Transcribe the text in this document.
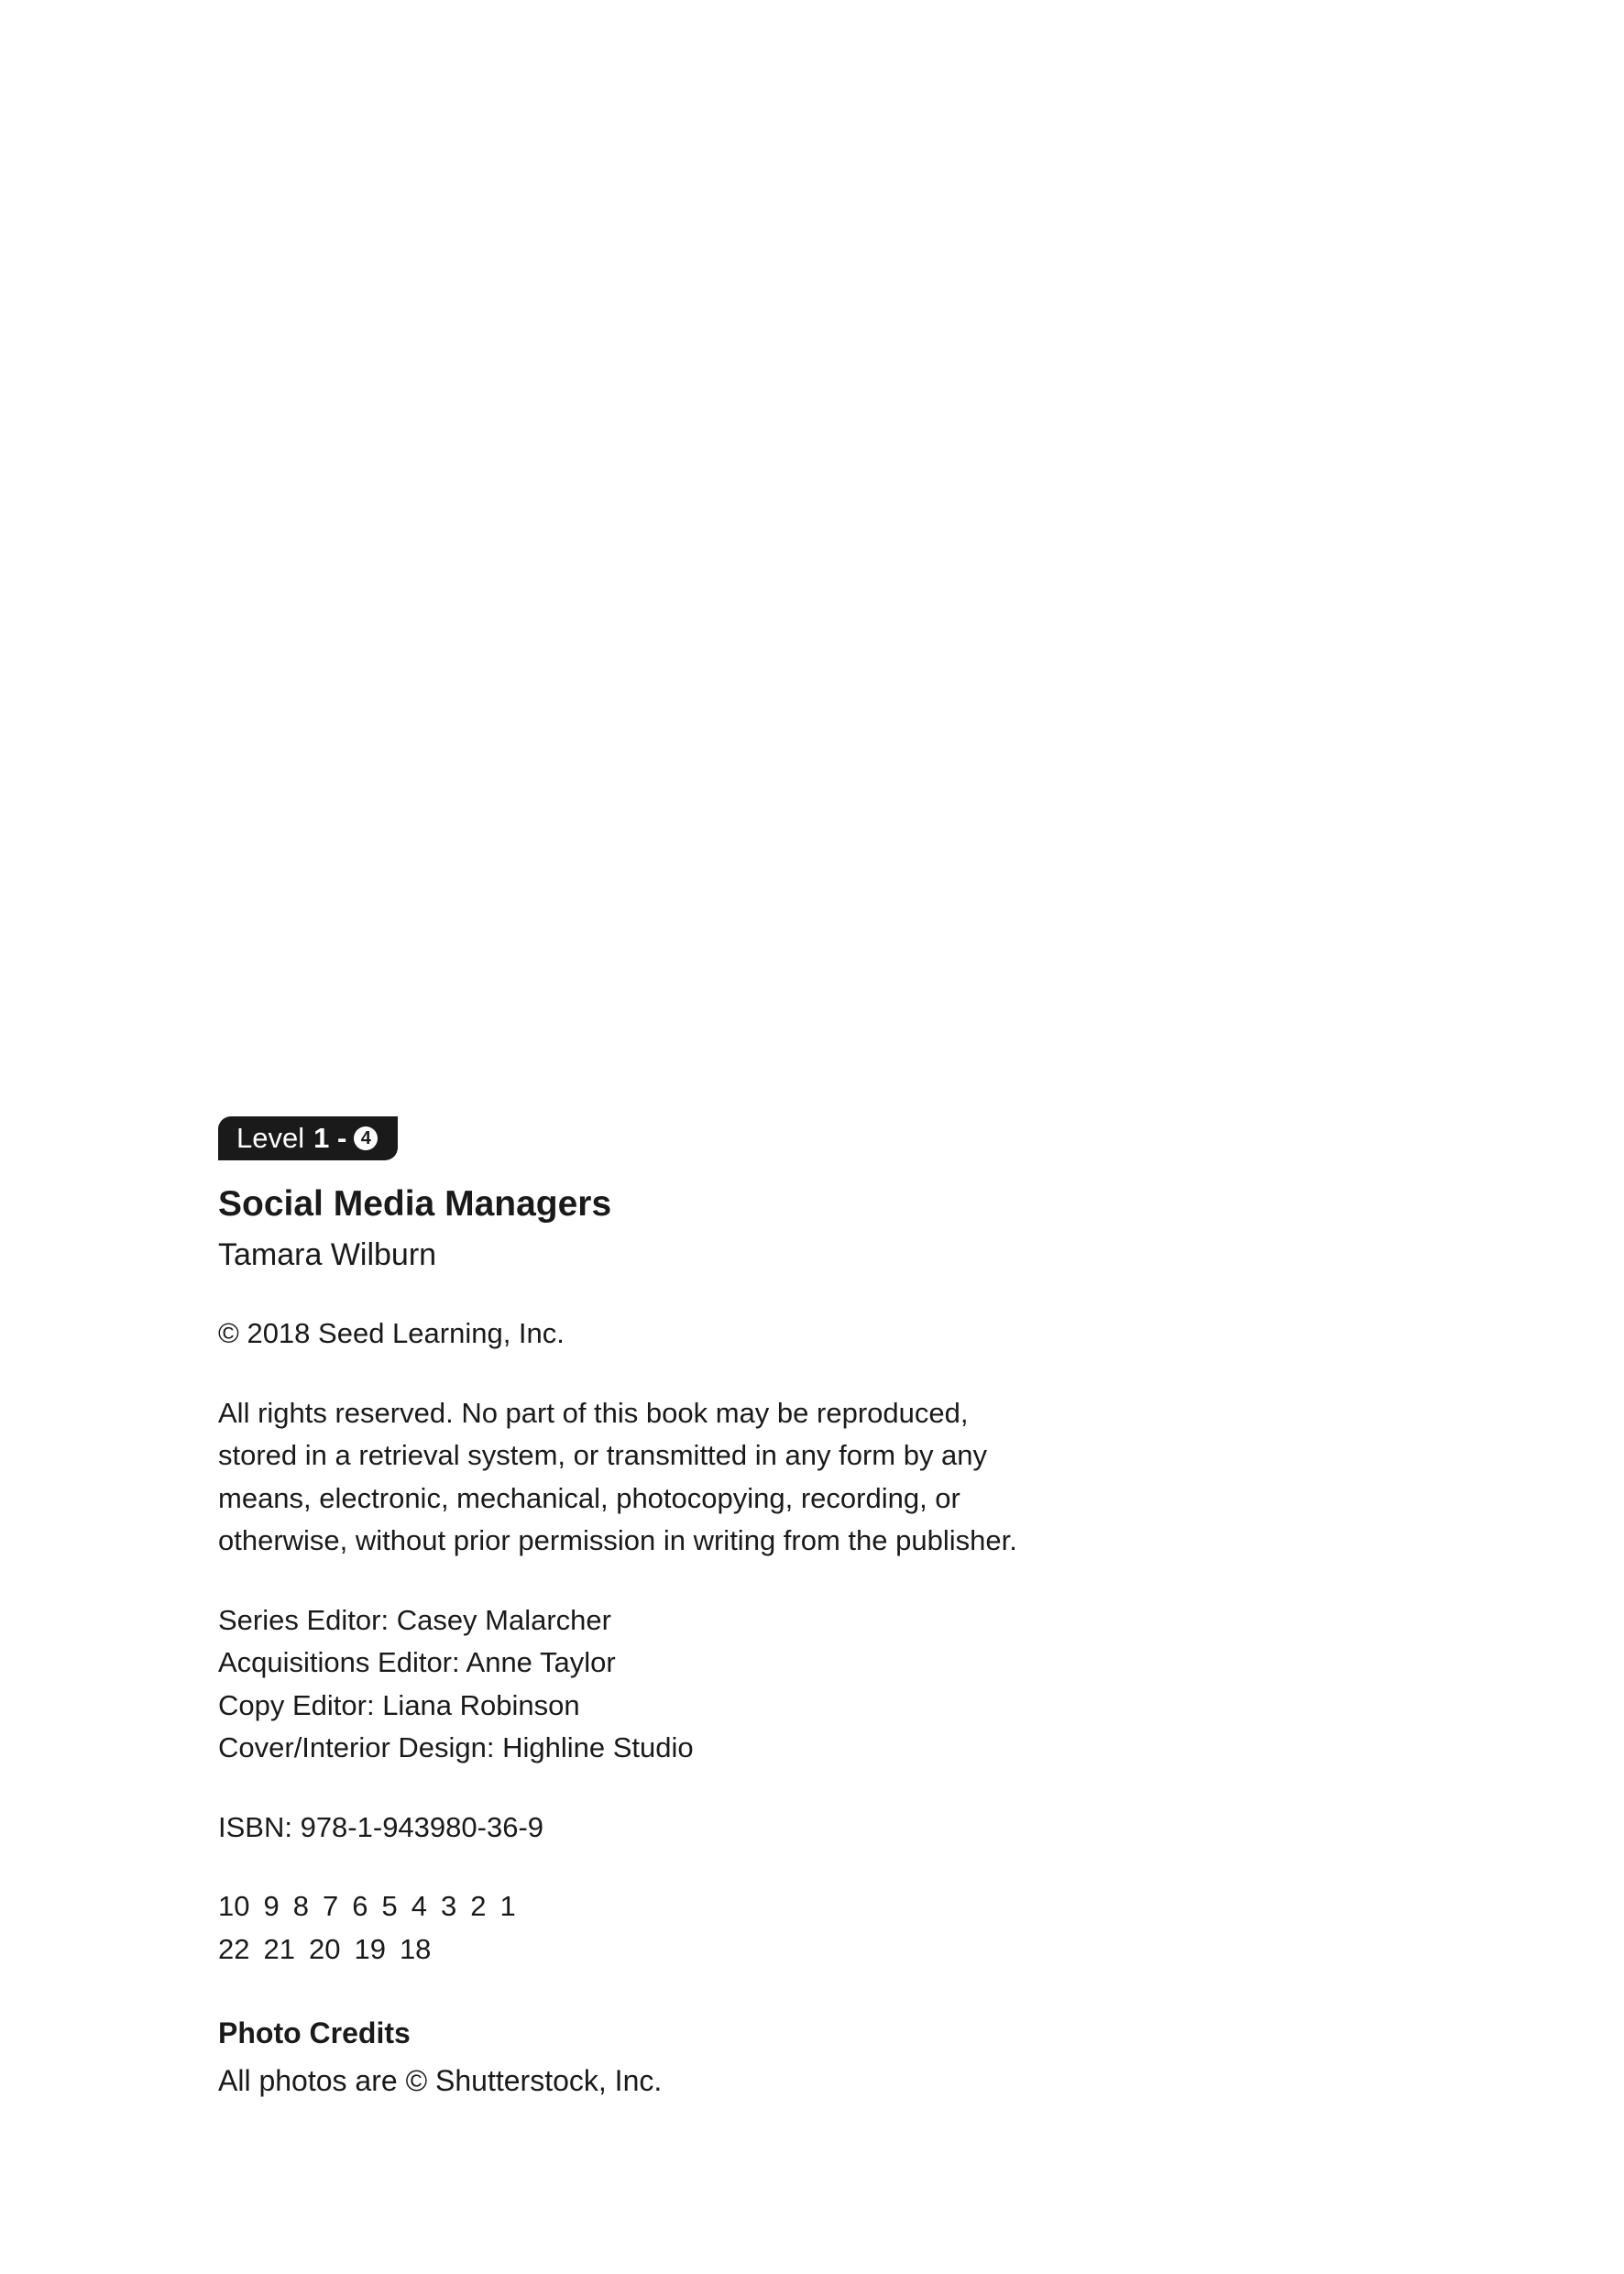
Level 1 - 4
Social Media Managers
Tamara Wilburn

© 2018 Seed Learning, Inc.

All rights reserved. No part of this book may be reproduced,

stored in a retrieval system, or transmitted in any form by any

means, electronic, mechanical, photocopying, recording, or

otherwise, without prior permission in writing from the publisher.

Series Editor: Casey Malarcher

Acquisitions Editor: Anne Taylor

Copy Editor: Liana Robinson

Cover/Interior Design: Highline Studio

ISBN: 978-1-943980-36-9

10 9 8 7 6 5 4 3 2 1

22 21 20 19 18

Photo Credits
All photos are © Shutterstock, Inc.
